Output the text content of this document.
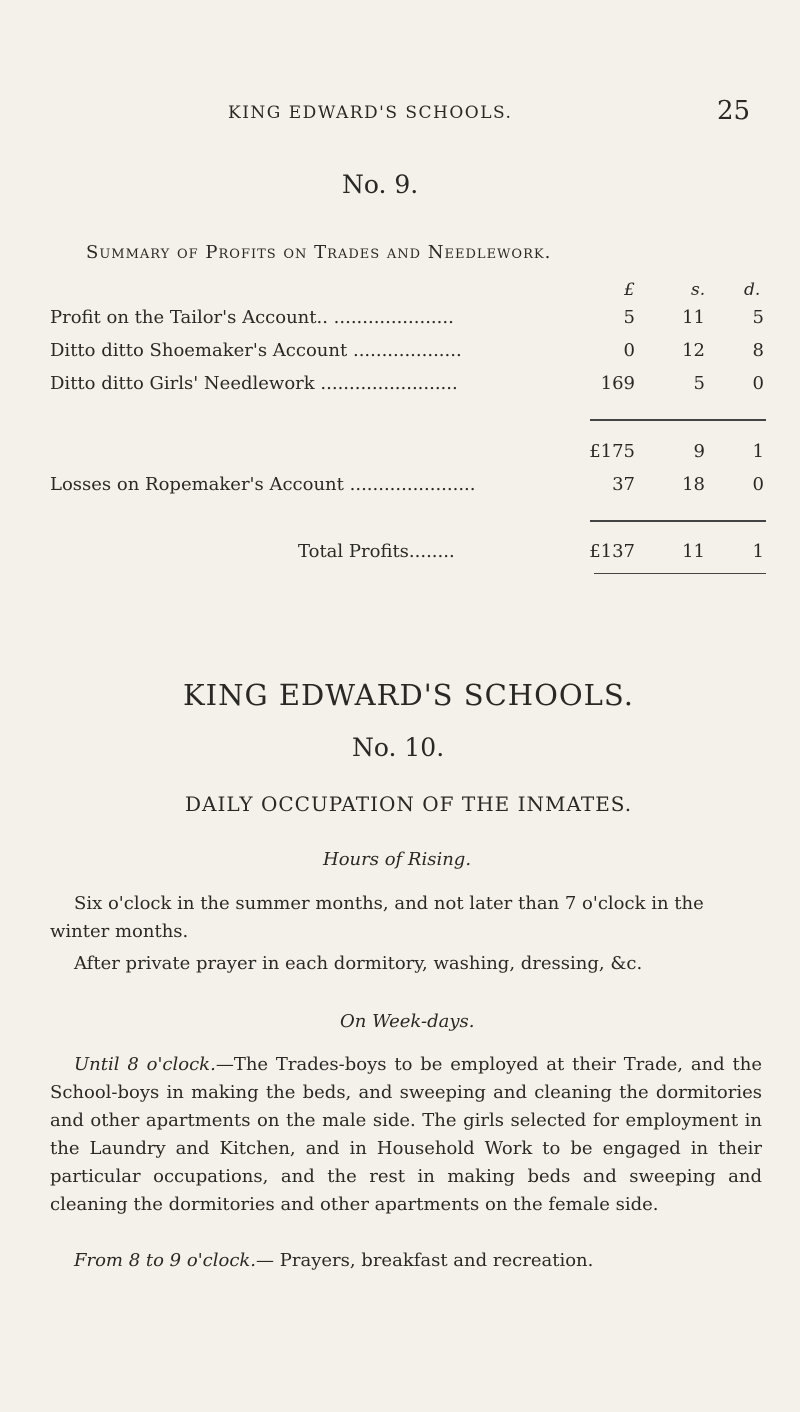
KING EDWARD'S SCHOOLS.	25
No. 9.
Summary of Profits on Trades and Needlework.
£	s. d.
Profit on the Tailor's Account.. .....................	5	11	5
Ditto ditto Shoemaker's Account ...................	0	12	8
Ditto ditto Girls' Needlework ........................	169	5	0
£175	9	1
Losses on Ropemaker's Account ......................	37	18	0
Total Profits........	£137	11	1
KING EDWARD'S SCHOOLS.
No. 10.
DAILY OCCUPATION OF THE INMATES.
Hours of Rising.
Six o'clock in the summer months, and not later than 7 o'clock in the winter months.
After private prayer in each dormitory, washing, dressing, &c.
On Week-days.
Until 8 o'clock.—The Trades-boys to be employed at their Trade, and the School-boys in making the beds, and sweeping and cleaning the dormitories and other apartments on the male side. The girls selected for employment in the Laundry and Kitchen, and in Household Work to be engaged in their particular occupations, and the rest in making beds and sweeping and cleaning the dormitories and other apartments on the female side.
From 8 to 9 o'clock.— Prayers, breakfast and recreation.
